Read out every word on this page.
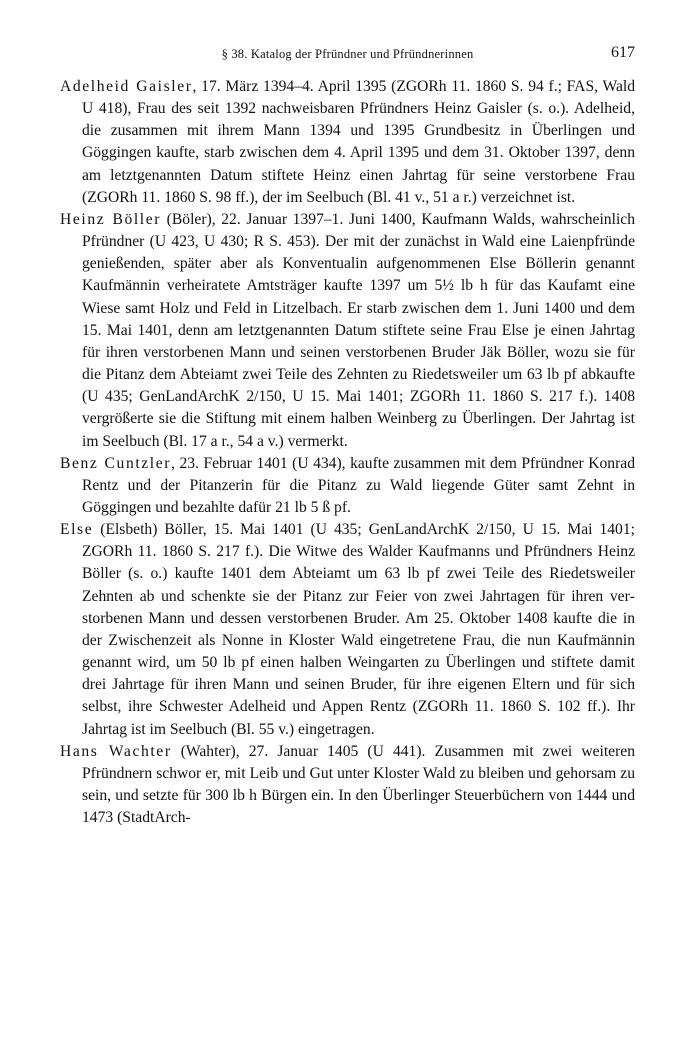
§ 38. Katalog der Pfründner und Pfründnerinnen	617

Adelheid Gaisler, 17. März 1394–4. April 1395 (ZGORh 11. 1860 S. 94 f.; FAS, Wald U 418), Frau des seit 1392 nachweisbaren Pfründners Heinz Gaisler (s. o.). Adelheid, die zusammen mit ihrem Mann 1394 und 1395 Grundbesitz in Überlingen und Göggingen kaufte, starb zwischen dem 4. April 1395 und dem 31. Oktober 1397, denn am letztgenannten Datum stiftete Heinz einen Jahrtag für seine verstorbene Frau (ZGORh 11. 1860 S. 98 ff.), der im Seelbuch (Bl. 41 v., 51 a r.) verzeichnet ist.

Heinz Böller (Böler), 22. Januar 1397–1. Juni 1400, Kaufmann Walds, wahrscheinlich Pfründner (U 423, U 430; R S. 453). Der mit der zunächst in Wald eine Laienpfründe genießenden, später aber als Konventualin aufgenommenen Else Böllerin genannt Kaufmännin verheiratete Amtsträger kaufte 1397 um 5½ lb h für das Kaufamt eine Wiese samt Holz und Feld in Litzelbach. Er starb zwischen dem 1. Juni 1400 und dem 15. Mai 1401, denn am letztgenannten Datum stiftete seine Frau Else je einen Jahrtag für ihren verstorbenen Mann und seinen verstorbenen Bruder Jäk Böller, wozu sie für die Pitanz dem Abteiamt zwei Teile des Zehnten zu Riedetsweiler um 63 lb pf abkaufte (U 435; GenLandArchK 2/150, U 15. Mai 1401; ZGORh 11. 1860 S. 217 f.). 1408 vergrößerte sie die Stiftung mit einem halben Weinberg zu Überlingen. Der Jahrtag ist im Seelbuch (Bl. 17 a r., 54 a v.) vermerkt.

Benz Cuntzler, 23. Februar 1401 (U 434), kaufte zusammen mit dem Pfründner Konrad Rentz und der Pitanzerin für die Pitanz zu Wald liegende Güter samt Zehnt in Göggingen und bezahlte dafür 21 lb 5 ß pf.

Else (Elsbeth) Böller, 15. Mai 1401 (U 435; GenLandArchK 2/150, U 15. Mai 1401; ZGORh 11. 1860 S. 217 f.). Die Witwe des Walder Kaufmanns und Pfründners Heinz Böller (s. o.) kaufte 1401 dem Abteiamt um 63 lb pf zwei Teile des Riedetsweiler Zehnten ab und schenkte sie der Pitanz zur Feier von zwei Jahrtagen für ihren verstorbenen Mann und dessen verstorbenen Bruder. Am 25. Oktober 1408 kaufte die in der Zwischenzeit als Nonne in Kloster Wald eingetretene Frau, die nun Kaufmännin genannt wird, um 50 lb pf einen halben Weingarten zu Überlingen und stiftete damit drei Jahrtage für ihren Mann und seinen Bruder, für ihre eigenen Eltern und für sich selbst, ihre Schwester Adelheid und Appen Rentz (ZGORh 11. 1860 S. 102 ff.). Ihr Jahrtag ist im Seelbuch (Bl. 55 v.) eingetragen.

Hans Wachter (Wahter), 27. Januar 1405 (U 441). Zusammen mit zwei weiteren Pfründnern schwor er, mit Leib und Gut unter Kloster Wald zu bleiben und gehorsam zu sein, und setzte für 300 lb h Bürgen ein. In den Überlinger Steuerbüchern von 1444 und 1473 (StadtArch-
